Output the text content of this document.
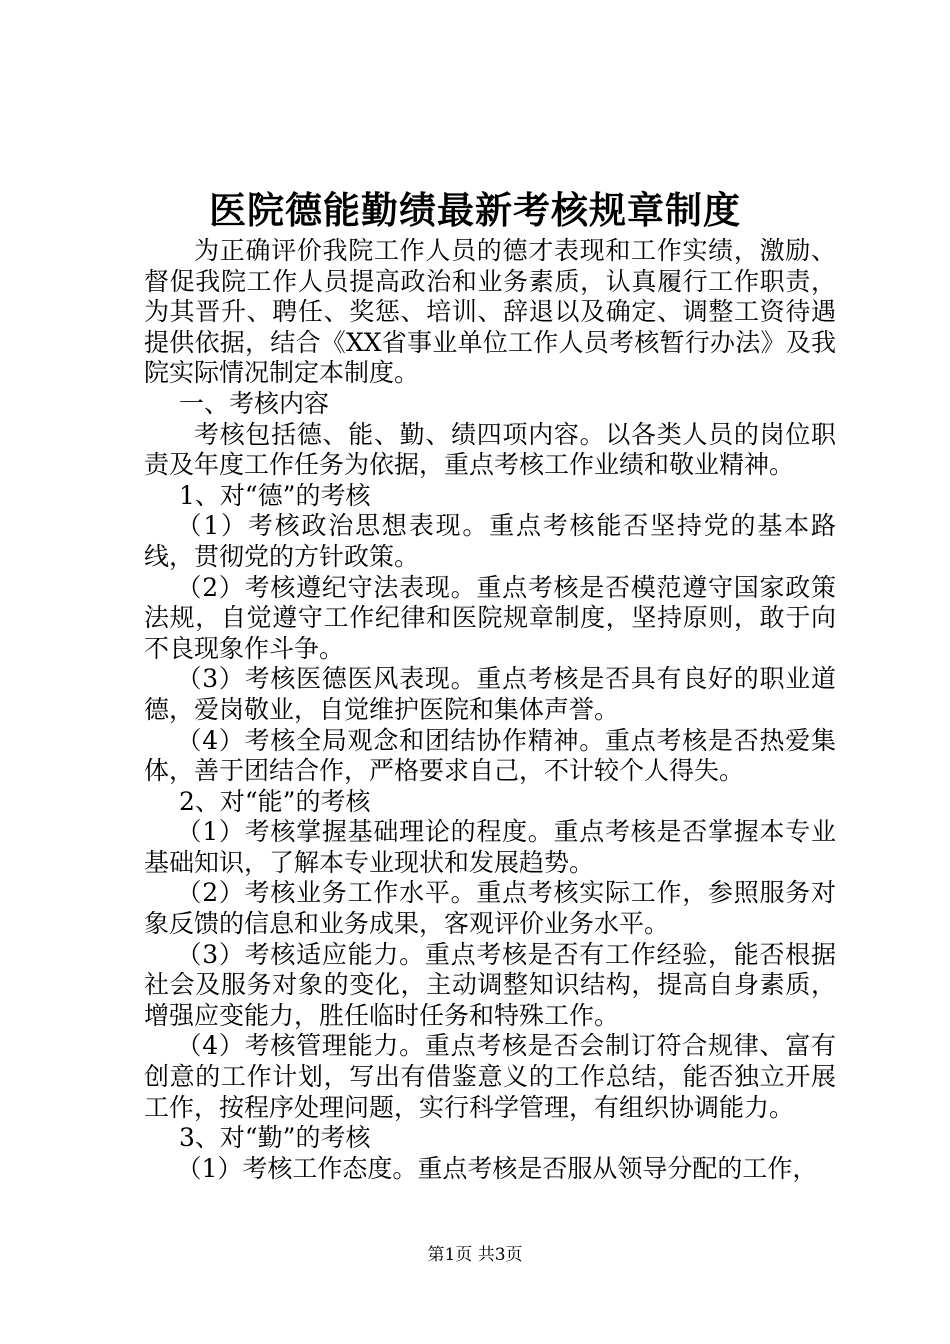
医院德能勤绩最新考核规章制度

为正确评价我院工作人员的德才表现和工作实绩，激励、督促我院工作人员提高政治和业务素质，认真履行工作职责，为其晋升、聘任、奖惩、培训、辞退以及确定、调整工资待遇提供依据，结合《XX省事业单位工作人员考核暂行办法》及我院实际情况制定本制度。

一、考核内容

考核包括德、能、勤、绩四项内容。以各类人员的岗位职责及年度工作任务为依据，重点考核工作业绩和敬业精神。

1、对“德”的考核

（1）考核政治思想表现。重点考核能否坚持党的基本路线，贯彻党的方针政策。

（2）考核遵纪守法表现。重点考核是否模范遵守国家政策法规，自觉遵守工作纪律和医院规章制度，坚持原则，敢于向不良现象作斗争。

（3）考核医德医风表现。重点考核是否具有良好的职业道德，爱岗敬业，自觉维护医院和集体声誉。

（4）考核全局观念和团结协作精神。重点考核是否热爱集体，善于团结合作，严格要求自己，不计较个人得失。

2、对“能”的考核

（1）考核掌握基础理论的程度。重点考核是否掌握本专业基础知识，了解本专业现状和发展趋势。

（2）考核业务工作水平。重点考核实际工作，参照服务对象反馈的信息和业务成果，客观评价业务水平。

（3）考核适应能力。重点考核是否有工作经验，能否根据社会及服务对象的变化，主动调整知识结构，提高自身素质，增强应变能力，胜任临时任务和特殊工作。

（4）考核管理能力。重点考核是否会制订符合规律、富有创意的工作计划，写出有借鉴意义的工作总结，能否独立开展工作，按程序处理问题，实行科学管理，有组织协调能力。

3、对“勤”的考核

（1）考核工作态度。重点考核是否服从领导分配的工作，

第1页 共3页
